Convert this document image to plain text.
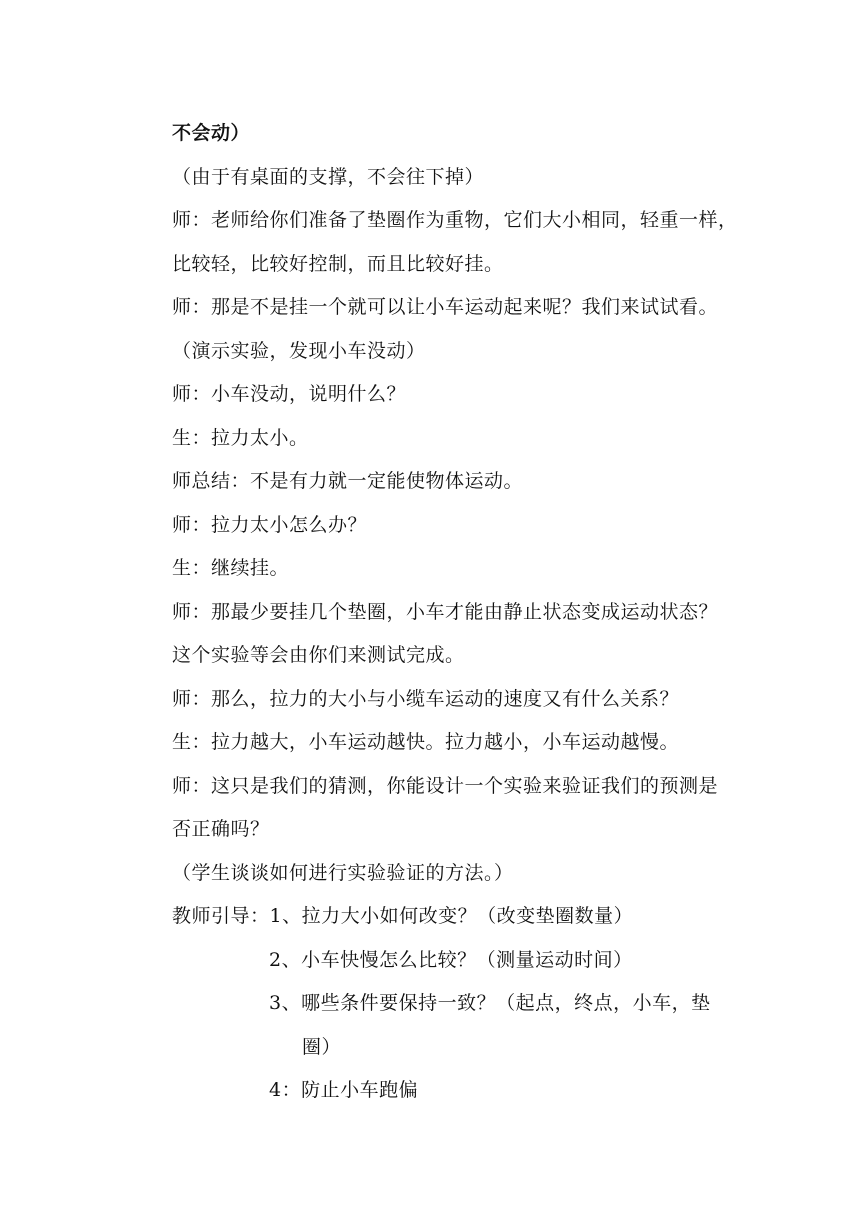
不会动）
（由于有桌面的支撑，不会往下掉）
师：老师给你们准备了垫圈作为重物，它们大小相同，轻重一样，
比较轻，比较好控制，而且比较好挂。
师：那是不是挂一个就可以让小车运动起来呢？我们来试试看。
（演示实验，发现小车没动）
师：小车没动，说明什么？
生：拉力太小。
师总结：不是有力就一定能使物体运动。
师：拉力太小怎么办？
生：继续挂。
师：那最少要挂几个垫圈，小车才能由静止状态变成运动状态？
这个实验等会由你们来测试完成。
师：那么，拉力的大小与小缆车运动的速度又有什么关系？
生：拉力越大，小车运动越快。拉力越小，小车运动越慢。
师：这只是我们的猜测，你能设计一个实验来验证我们的预测是
否正确吗？
（学生谈谈如何进行实验验证的方法。）
教师引导：1、拉力大小如何改变？（改变垫圈数量）
2、小车快慢怎么比较？（测量运动时间）
3、哪些条件要保持一致？（起点，终点，小车，垫
圈）
4：防止小车跑偏
